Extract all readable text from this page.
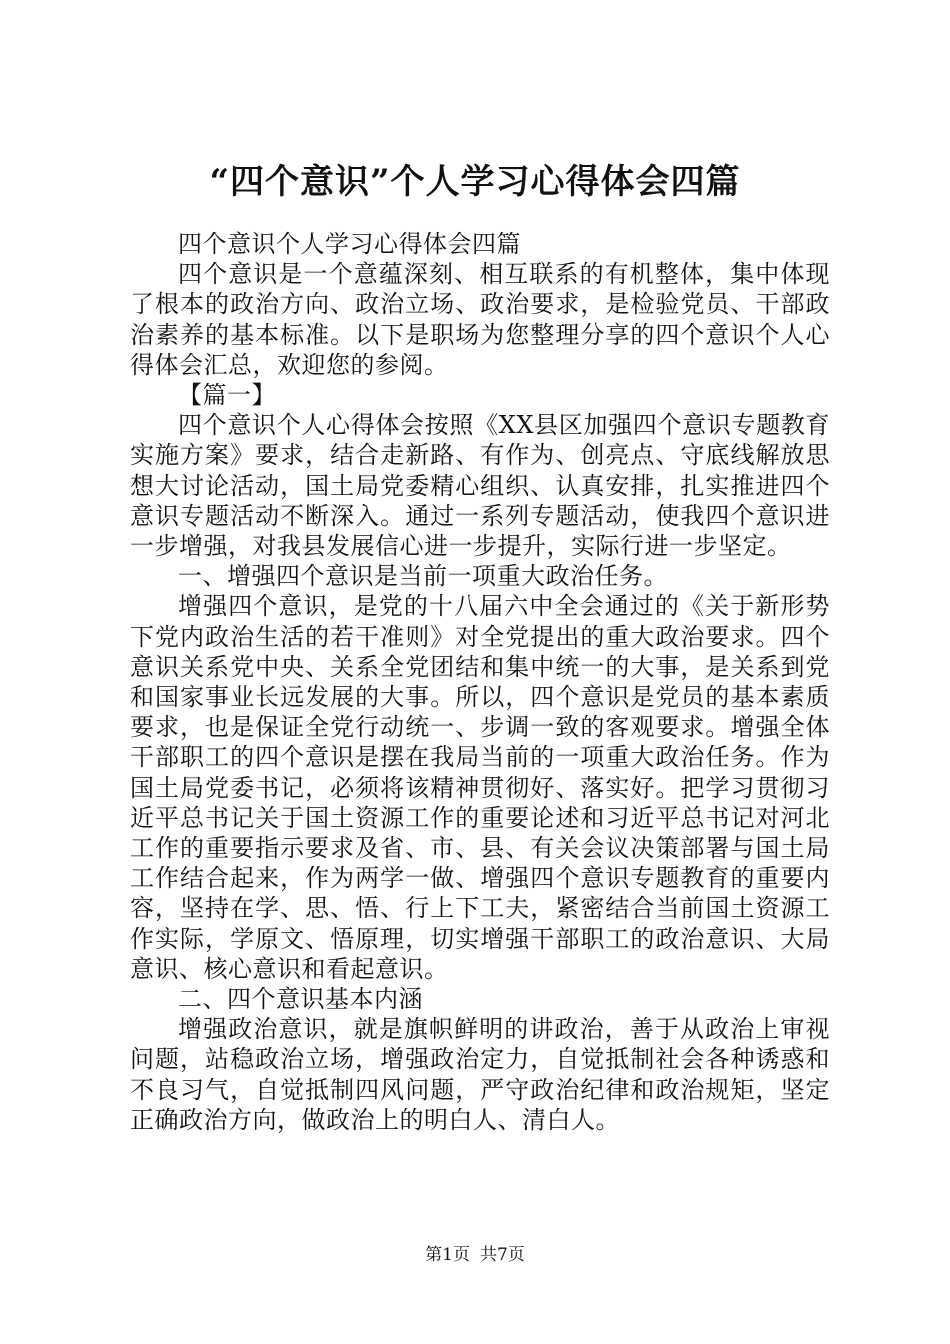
“四个意识”个人学习心得体会四篇

四个意识个人学习心得体会四篇

四个意识是一个意蕴深刻、相互联系的有机整体，集中体现了根本的政治方向、政治立场、政治要求，是检验党员、干部政治素养的基本标准。以下是职场为您整理分享的四个意识个人心得体会汇总，欢迎您的参阅。

【篇一】

四个意识个人心得体会按照《XX县区加强四个意识专题教育实施方案》要求，结合走新路、有作为、创亮点、守底线解放思想大讨论活动，国土局党委精心组织、认真安排，扎实推进四个意识专题活动不断深入。通过一系列专题活动，使我四个意识进一步增强，对我县发展信心进一步提升，实际行进一步坚定。

一、增强四个意识是当前一项重大政治任务。

增强四个意识，是党的十八届六中全会通过的《关于新形势下党内政治生活的若干准则》对全党提出的重大政治要求。四个意识关系党中央、关系全党团结和集中统一的大事，是关系到党和国家事业长远发展的大事。所以，四个意识是党员的基本素质要求，也是保证全党行动统一、步调一致的客观要求。增强全体干部职工的四个意识是摆在我局当前的一项重大政治任务。作为国土局党委书记，必须将该精神贯彻好、落实好。把学习贯彻习近平总书记关于国土资源工作的重要论述和习近平总书记对河北工作的重要指示要求及省、市、县、有关会议决策部署与国土局工作结合起来，作为两学一做、增强四个意识专题教育的重要内容，坚持在学、思、悟、行上下工夫，紧密结合当前国土资源工作实际，学原文、悟原理，切实增强干部职工的政治意识、大局意识、核心意识和看起意识。

二、四个意识基本内涵

增强政治意识，就是旗帜鲜明的讲政治，善于从政治上审视问题，站稳政治立场，增强政治定力，自觉抵制社会各种诱惑和不良习气，自觉抵制四风问题，严守政治纪律和政治规矩，坚定正确政治方向，做政治上的明白人、清白人。

第1页 共7页
